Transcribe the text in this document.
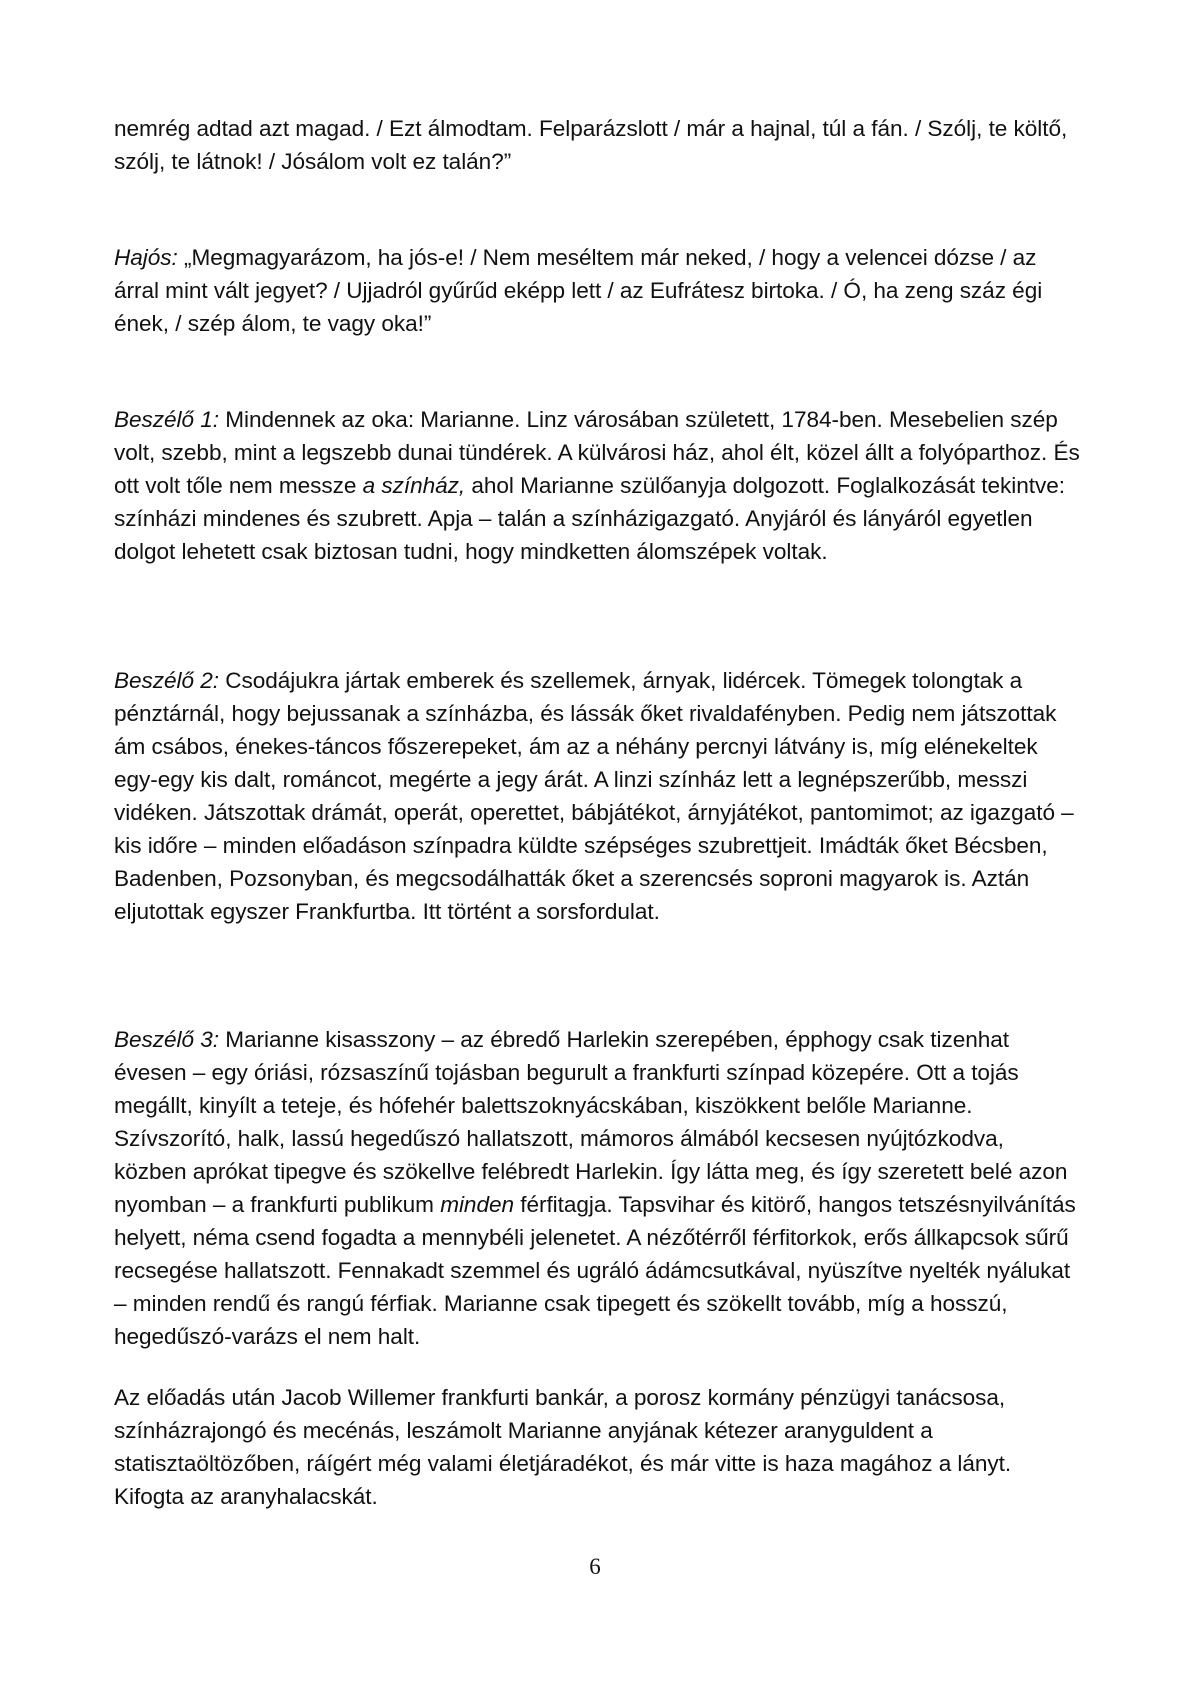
nemrég adtad azt magad. / Ezt álmodtam. Felparázslott / már a hajnal, túl a fán. / Szólj, te költő, szólj, te látnok! / Jósálom volt ez talán?”

Hajós: „Megmagyarázom, ha jós-e! / Nem meséltem már neked, / hogy a velencei dózse / az árral mint vált jegyet? / Ujjadról gyűrűd eképp lett / az Eufrátesz birtoka. / Ó, ha zeng száz égi ének, / szép álom, te vagy oka!”

Beszélő 1: Mindennek az oka: Marianne. Linz városában született, 1784-ben. Mesebelien szép volt, szebb, mint a legszebb dunai tündérek. A külvárosi ház, ahol élt, közel állt a folyóparthoz. És ott volt tőle nem messze a színház, ahol Marianne szülőanyja dolgozott. Foglalkozását tekintve: színházi mindenes és szubrett. Apja – talán a színházigazgató. Anyjáról és lányáról egyetlen dolgot lehetett csak biztosan tudni, hogy mindketten álomszépek voltak.

Beszélő 2: Csodájukra jártak emberek és szellemek, árnyak, lidércek. Tömegek tolongtak a pénztárnál, hogy bejussanak a színházba, és lássák őket rivaldafényben. Pedig nem játszottak ám csábos, énekes-táncos főszerepeket, ám az a néhány percnyi látvány is, míg elénekeltek egy-egy kis dalt, románcot, megérte a jegy árát. A linzi színház lett a legnépszerűbb, messzi vidéken. Játszottak drámát, operát, operettet, bábjátékot, árnyjátékot, pantomimot; az igazgató – kis időre – minden előadáson színpadra küldte szépséges szubrettjeit. Imádták őket Bécsben, Badenben, Pozsonyban, és megcsodálhatták őket a szerencsés soproni magyarok is. Aztán eljutottak egyszer Frankfurtba. Itt történt a sorsfordulat.

Beszélő 3: Marianne kisasszony – az ébredő Harlekin szerepében, épphogy csak tizenhat évesen – egy óriási, rózsaszínű tojásban begurult a frankfurti színpad közepére. Ott a tojás megállt, kinyílt a teteje, és hófehér balettszoknyácskában, kiszökkent belőle Marianne. Szívszorító, halk, lassú hegedűszó hallatszott, mámoros álmából kecsesen nyújtózkodva, közben aprókat tipegve és szökellve felébredt Harlekin. Így látta meg, és így szeretett belé azon nyomban – a frankfurti publikum minden férfitagja. Tapsvihar és kitörő, hangos tetszésnyilvánítás helyett, néma csend fogadta a mennybéli jelenetet. A nézőtérről férfitorkok, erős állkapcsok sűrű recsegése hallatszott. Fennakadt szemmel és ugráló ádámcsutkával, nyüszítve nyelték nyálukat – minden rendű és rangú férfiak. Marianne csak tipegett és szökellt tovább, míg a hosszú, hegedűszó-varázs el nem halt.

Az előadás után Jacob Willemer frankfurti bankár, a porosz kormány pénzügyi tanácsosa, színházrajongó és mecénás, leszámolt Marianne anyjának kétezer aranyguldent a statisztaöltözőben, ráígért még valami életjáradékot, és már vitte is haza magához a lányt. Kifogta az aranyhalacskát.

6
